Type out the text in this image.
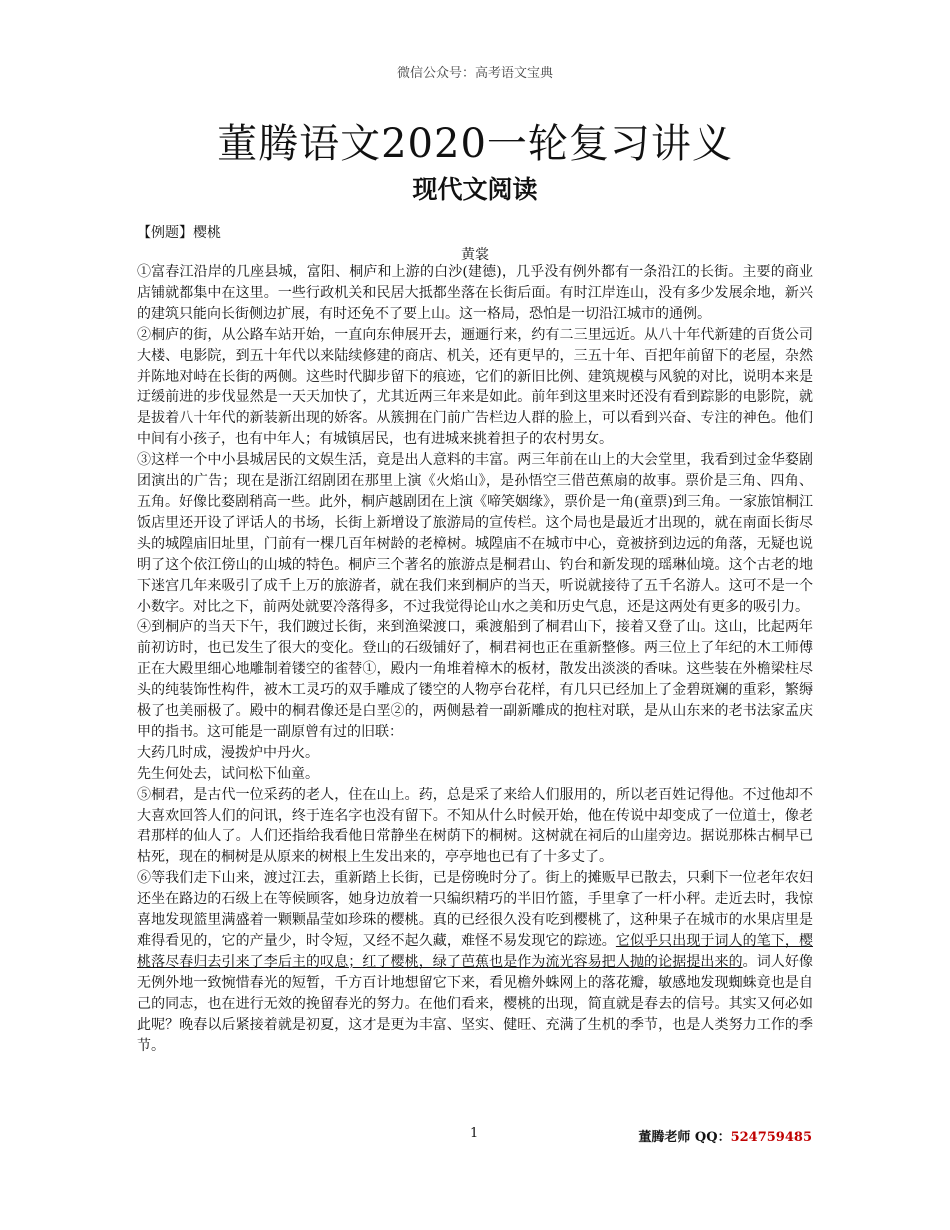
微信公众号：高考语文宝典
董腾语文2020一轮复习讲义
现代文阅读
【例题】樱桃
黄裳

①富春江沿岸的几座县城，富阳、桐庐和上游的白沙(建德)，几乎没有例外都有一条沿江的长街。主要的商业店铺就都集中在这里。一些行政机关和民居大抵都坐落在长街后面。有时江岸连山，没有多少发展余地，新兴的建筑只能向长街侧边扩展，有时还免不了要上山。这一格局，恐怕是一切沿江城市的通例。

②桐庐的街，从公路车站开始，一直向东伸展开去，逦逦行来，约有二三里远近。从八十年代新建的百货公司大楼、电影院，到五十年代以来陆续修建的商店、机关，还有更早的，三五十年、百把年前留下的老屋，杂然并陈地对峙在长街的两侧。这些时代脚步留下的痕迹，它们的新旧比例、建筑规模与风貌的对比，说明本来是迂缓前进的步伐显然是一天天加快了，尤其近两三年来是如此。前年到这里来时还没有看到踪影的电影院，就是拔着八十年代的新装新出现的娇客。从簇拥在门前广告栏边人群的脸上，可以看到兴奋、专注的神色。他们中间有小孩子，也有中年人；有城镇居民，也有进城来挑着担子的农村男女。

③这样一个中小县城居民的文娱生活，竟是出人意料的丰富。两三年前在山上的大会堂里，我看到过金华婺剧团演出的广告；现在是浙江绍剧团在那里上演《火焰山》，是孙悟空三借芭蕉扇的故事。票价是三角、四角、五角。好像比婺剧稍高一些。此外，桐庐越剧团在上演《啼笑姻缘》，票价是一角(童票)到三角。一家旅馆桐江饭店里还开设了评话人的书场，长街上新增设了旅游局的宣传栏。这个局也是最近才出现的，就在南面长街尽头的城隍庙旧址里，门前有一棵几百年树龄的老樟树。城隍庙不在城市中心，竟被挤到边远的角落，无疑也说明了这个依江傍山的山城的特色。桐庐三个著名的旅游点是桐君山、钓台和新发现的瑶琳仙境。这个古老的地下迷宫几年来吸引了成千上万的旅游者，就在我们来到桐庐的当天，听说就接待了五千名游人。这可不是一个小数字。对比之下，前两处就要冷落得多，不过我觉得论山水之美和历史气息，还是这两处有更多的吸引力。

④到桐庐的当天下午，我们踱过长街，来到渔梁渡口，乘渡船到了桐君山下，接着又登了山。这山，比起两年前初访时，也已发生了很大的变化。登山的石级铺好了，桐君祠也正在重新整修。两三位上了年纪的木工师傅正在大殿里细心地雕制着镂空的雀替①，殿内一角堆着樟木的板材，散发出淡淡的香味。这些装在外檐梁柱尽头的纯装饰性构件，被木工灵巧的双手雕成了镂空的人物亭台花样，有几只已经加上了金碧斑斓的重彩，繁缛极了也美丽极了。殿中的桐君像还是白垩②的，两侧悬着一副新雕成的抱柱对联，是从山东来的老书法家孟庆甲的指书。这可能是一副原曾有过的旧联：

大药几时成，漫拨炉中丹火。

先生何处去，试问松下仙童。

⑤桐君，是古代一位采药的老人，住在山上。药，总是采了来给人们服用的，所以老百姓记得他。不过他却不大喜欢回答人们的问讯，终于连名字也没有留下。不知从什么时候开始，他在传说中却变成了一位道士，像老君那样的仙人了。人们还指给我看他日常静坐在树荫下的桐树。这树就在祠后的山崖旁边。据说那株古桐早已枯死，现在的桐树是从原来的树根上生发出来的，亭亭地也已有了十多丈了。

⑥等我们走下山来，渡过江去，重新踏上长街，已是傍晚时分了。街上的摊贩早已散去，只剩下一位老年农妇还坐在路边的石级上在等候顾客，她身边放着一只编织精巧的半旧竹篮，手里拿了一杆小秤。走近去时，我惊喜地发现篮里满盛着一颗颗晶莹如珍珠的樱桃。真的已经很久没有吃到樱桃了，这种果子在城市的水果店里是难得看见的，它的产量少，时令短，又经不起久藏，难怪不易发现它的踪迹。它似乎只出现于词人的笔下，樱桃落尽春归去引来了李后主的叹息；红了樱桃，绿了芭蕉也是作为流光容易把人抛的论据提出来的。词人好像无例外地一致惋惜春光的短暂，千方百计地想留它下来，看见檐外蛛网上的落花瓣，敏感地发现蜘蛛竟也是自己的同志，也在进行无效的挽留春光的努力。在他们看来，樱桃的出现，简直就是春去的信号。其实又何必如此呢？晚春以后紧接着就是初夏，这才是更为丰富、坚实、健旺、充满了生机的季节，也是人类努力工作的季节。

1	董腾老师 QQ：524759485
